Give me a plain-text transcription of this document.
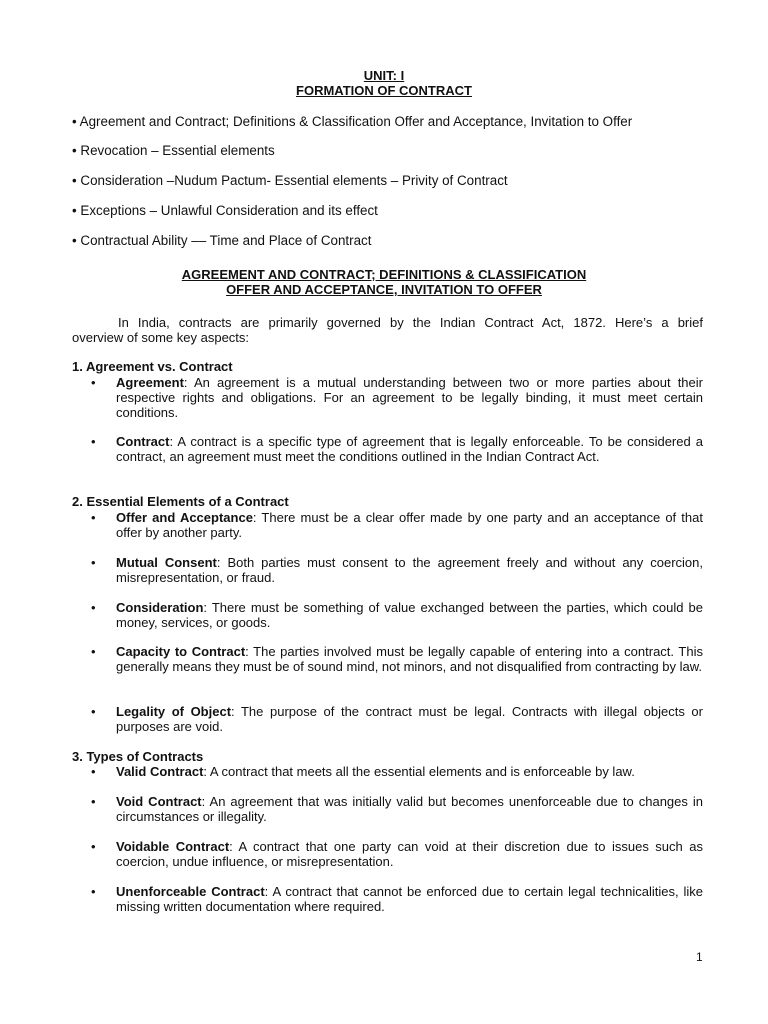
UNIT: I
FORMATION OF CONTRACT
• Agreement and Contract; Definitions & Classification Offer and Acceptance, Invitation to Offer
• Revocation – Essential elements
• Consideration –Nudum Pactum- Essential elements – Privity of Contract
• Exceptions – Unlawful Consideration and its effect
• Contractual Ability –– Time and Place of Contract
AGREEMENT AND CONTRACT; DEFINITIONS & CLASSIFICATION
OFFER AND ACCEPTANCE, INVITATION TO OFFER
In India, contracts are primarily governed by the Indian Contract Act, 1872. Here’s a brief
overview of some key aspects:
1. Agreement vs. Contract
• Agreement: An agreement is a mutual understanding between two or more parties about their respective rights and obligations. For an agreement to be legally binding, it must meet certain conditions.
• Contract: A contract is a specific type of agreement that is legally enforceable. To be considered a contract, an agreement must meet the conditions outlined in the Indian Contract Act.
2. Essential Elements of a Contract
• Offer and Acceptance: There must be a clear offer made by one party and an acceptance of that offer by another party.
• Mutual Consent: Both parties must consent to the agreement freely and without any coercion, misrepresentation, or fraud.
• Consideration: There must be something of value exchanged between the parties, which could be money, services, or goods.
• Capacity to Contract: The parties involved must be legally capable of entering into a contract. This generally means they must be of sound mind, not minors, and not disqualified from contracting by law.
• Legality of Object: The purpose of the contract must be legal. Contracts with illegal objects or purposes are void.
3. Types of Contracts
• Valid Contract: A contract that meets all the essential elements and is enforceable by law.
• Void Contract: An agreement that was initially valid but becomes unenforceable due to changes in circumstances or illegality.
• Voidable Contract: A contract that one party can void at their discretion due to issues such as coercion, undue influence, or misrepresentation.
• Unenforceable Contract: A contract that cannot be enforced due to certain legal technicalities, like missing written documentation where required.
1
